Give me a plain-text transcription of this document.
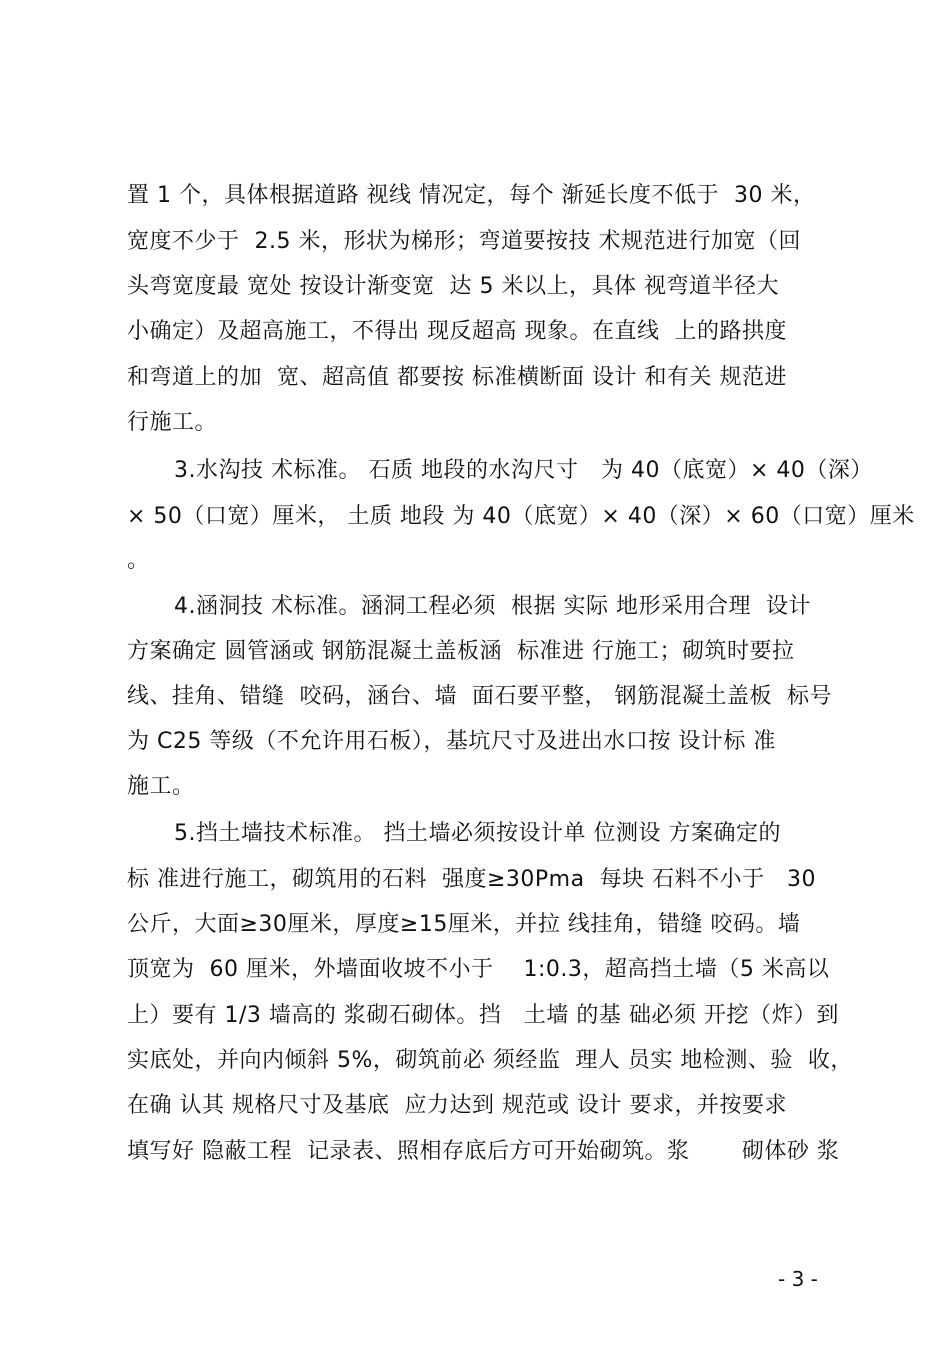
置 1 个，具体根据道路 视线 情况定，每个 渐延长度不低于  30 米，
宽度不少于  2.5 米，形状为梯形；弯道要按技 术规范进行加宽（回
头弯宽度最 宽处 按设计渐变宽  达 5 米以上，具体 视弯道半径大
小确定）及超高施工，不得出 现反超高 现象。在直线  上的路拱度
和弯道上的加  宽、超高值 都要按 标准横断面 设计 和有关 规范进
行施工。
3.水沟技 术标准。 石质 地段的水沟尺寸   为 40（底宽）× 40（深）
× 50（口宽）厘米， 土质 地段 为 40（底宽）× 40（深）× 60（口宽）厘米
。
4.涵洞技 术标准。涵洞工程必须  根据 实际 地形采用合理  设计
方案确定 圆管涵或 钢筋混凝土盖板涵  标准进 行施工；砌筑时要拉
线、挂角、错缝  咬码，涵台、墙  面石要平整， 钢筋混凝土盖板  标号
为 C25 等级（不允许用石板），基坑尺寸及进出水口按 设计标 准
施工。
5.挡土墙技术标准。 挡土墙必须按设计单 位测设 方案确定的
标 准进行施工，砌筑用的石料  强度≥30Pma  每块 石料不小于   30
公斤，大面≥30厘米，厚度≥15厘米，并拉 线挂角，错缝 咬码。墙
顶宽为  60 厘米，外墙面收坡不小于    1:0.3，超高挡土墙（5 米高以
上）要有 1/3 墙高的 浆砌石砌体。挡   土墙 的基 础必须 开挖（炸）到
实底处，并向内倾斜 5%，砌筑前必 须经监  理人 员实 地检测、验  收，
在确 认其 规格尺寸及基底  应力达到 规范或 设计 要求，并按要求
填写好 隐蔽工程  记录表、照相存底后方可开始砌筑。浆       砌体砂 浆
- 3 -
